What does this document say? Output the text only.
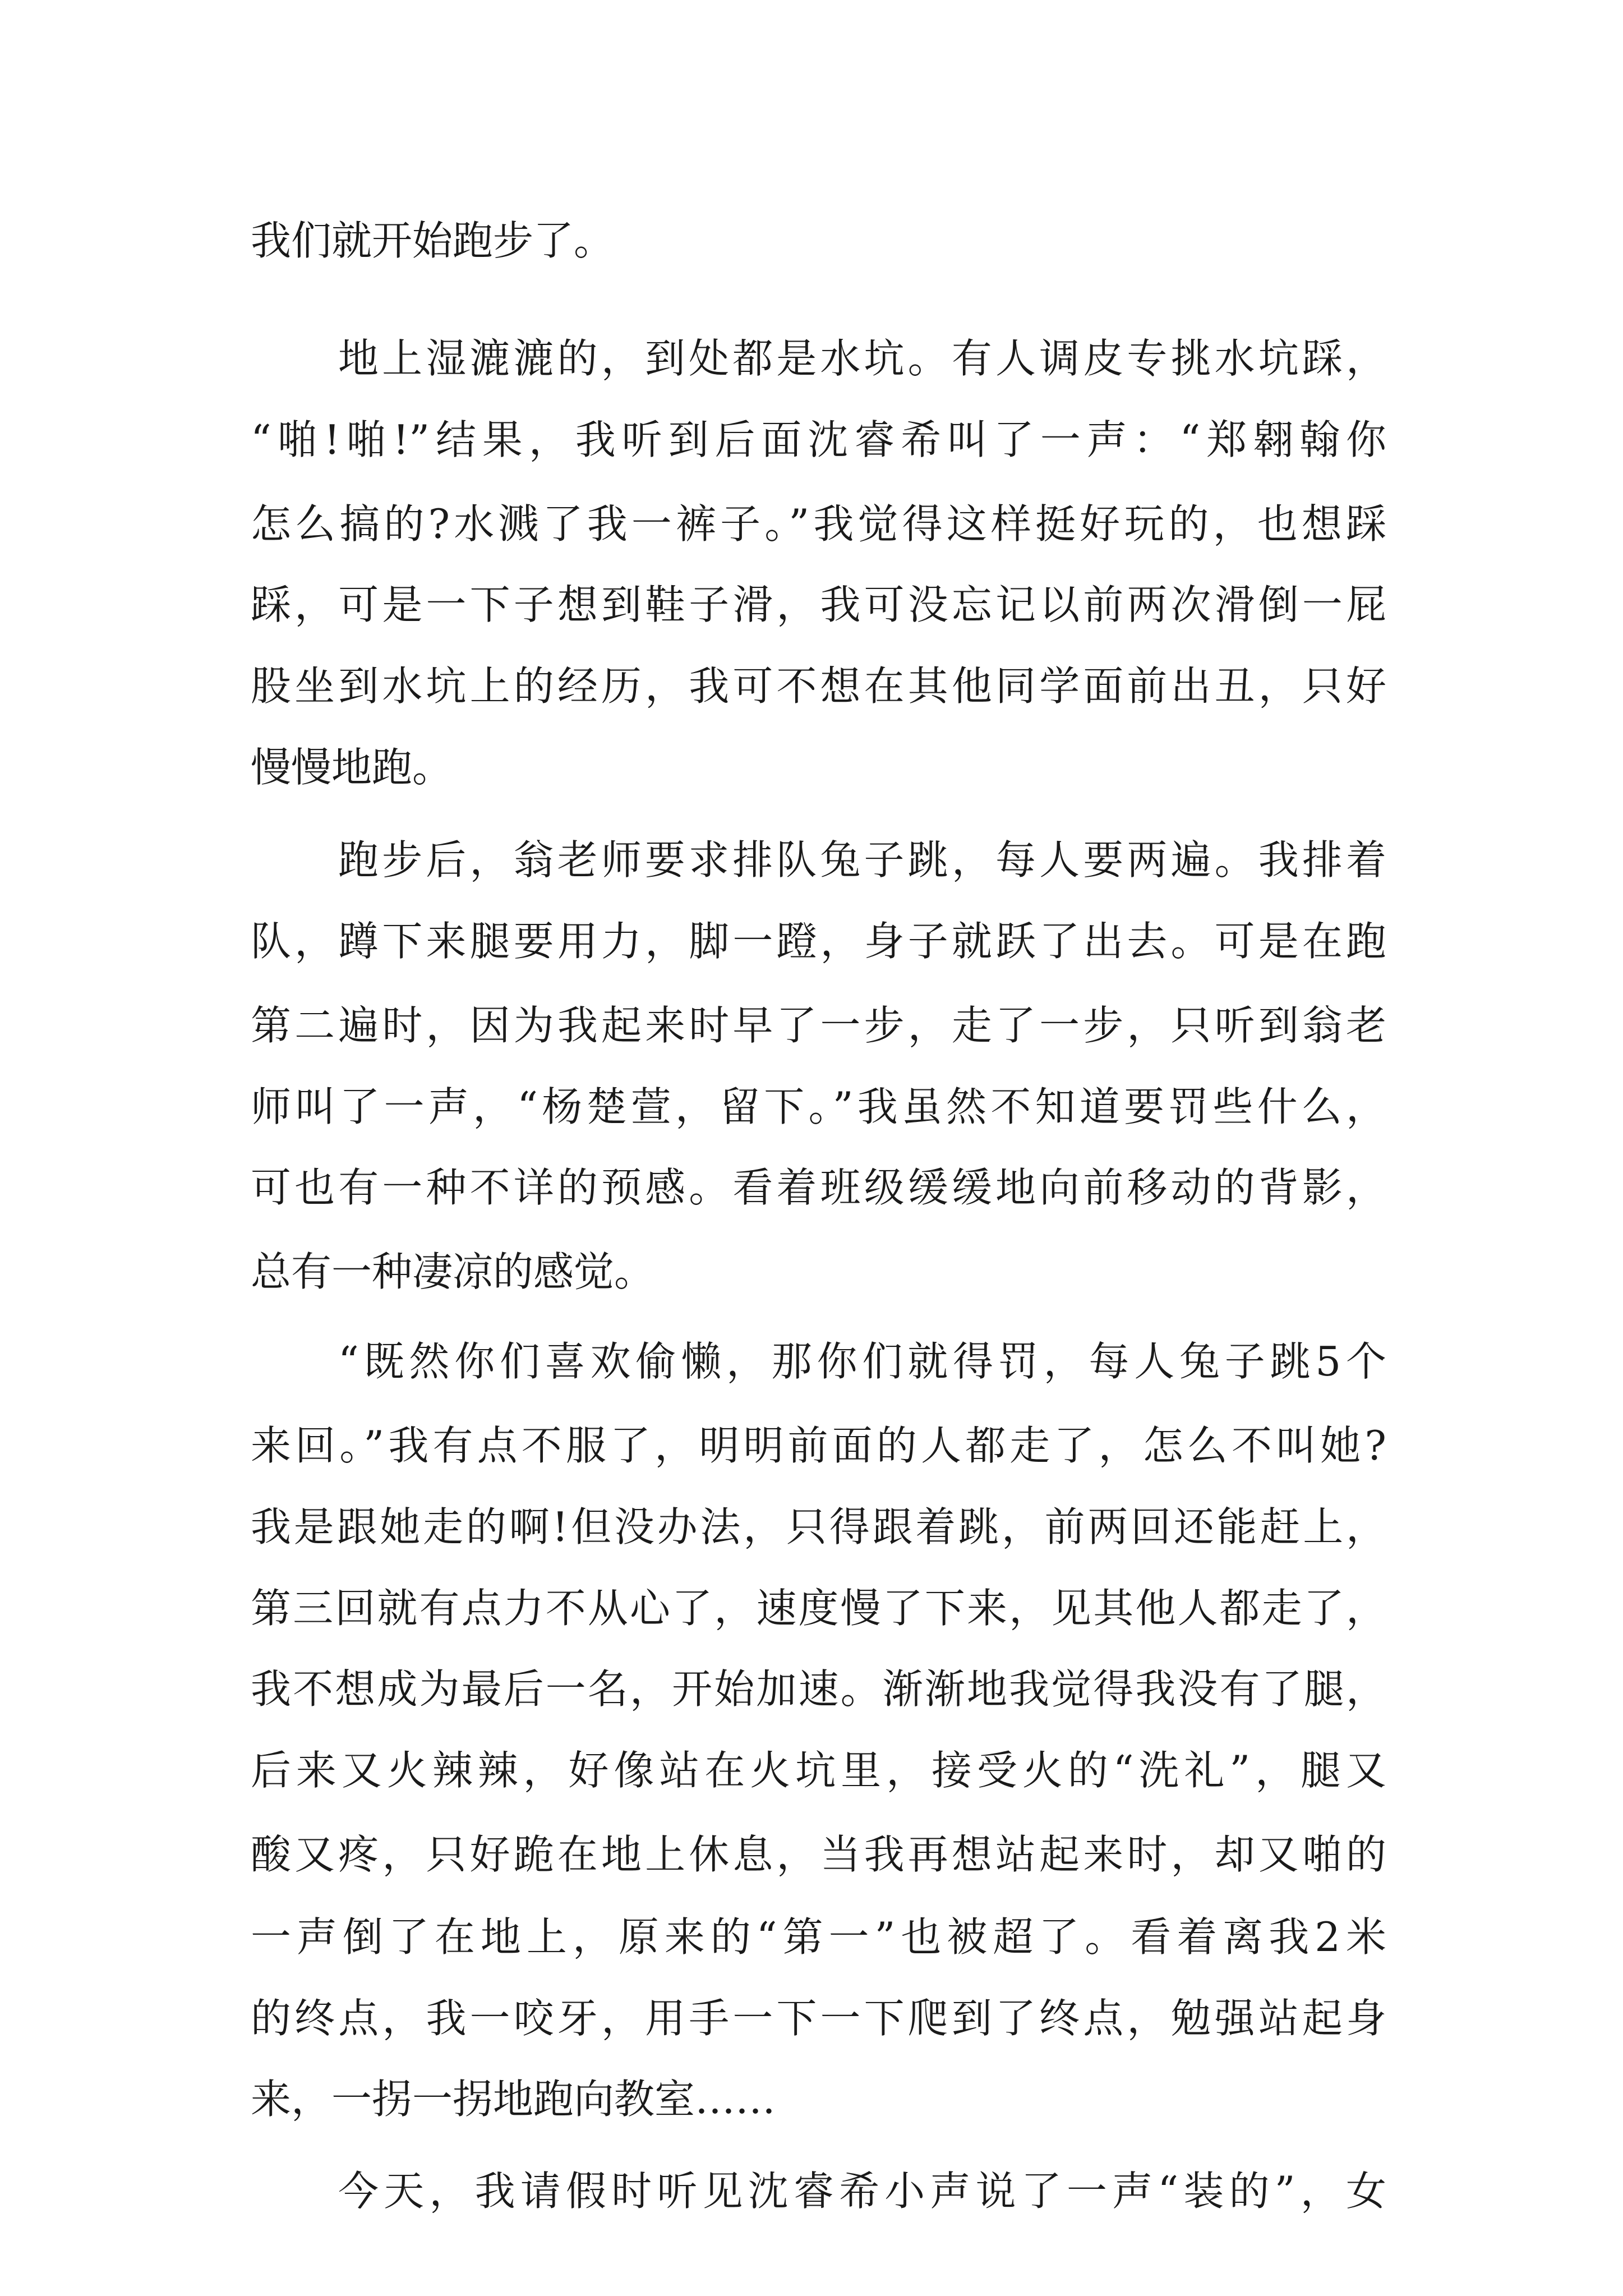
我们就开始跑步了。
地上湿漉漉的，到处都是水坑。有人调皮专挑水坑踩，
“啪!啪!”结果，我听到后面沈睿希叫了一声：“郑翱翰你
怎么搞的?水溅了我一裤子。”我觉得这样挺好玩的，也想踩
踩，可是一下子想到鞋子滑，我可没忘记以前两次滑倒一屁
股坐到水坑上的经历，我可不想在其他同学面前出丑，只好
慢慢地跑。
跑步后，翁老师要求排队兔子跳，每人要两遍。我排着
队，蹲下来腿要用力，脚一蹬，身子就跃了出去。可是在跑
第二遍时，因为我起来时早了一步，走了一步，只听到翁老
师叫了一声，“杨楚萱，留下。”我虽然不知道要罚些什么，
可也有一种不详的预感。看着班级缓缓地向前移动的背影，
总有一种凄凉的感觉。
“既然你们喜欢偷懒，那你们就得罚，每人兔子跳5个
来回。”我有点不服了，明明前面的人都走了，怎么不叫她?
我是跟她走的啊!但没办法，只得跟着跳，前两回还能赶上，
第三回就有点力不从心了，速度慢了下来，见其他人都走了，
我不想成为最后一名，开始加速。渐渐地我觉得我没有了腿，
后来又火辣辣，好像站在火坑里，接受火的“洗礼”，腿又
酸又疼，只好跪在地上休息，当我再想站起来时，却又啪的
一声倒了在地上，原来的“第一”也被超了。看着离我2米
的终点，我一咬牙，用手一下一下爬到了终点，勉强站起身
来，一拐一拐地跑向教室……
今天，我请假时听见沈睿希小声说了一声“装的”，女
